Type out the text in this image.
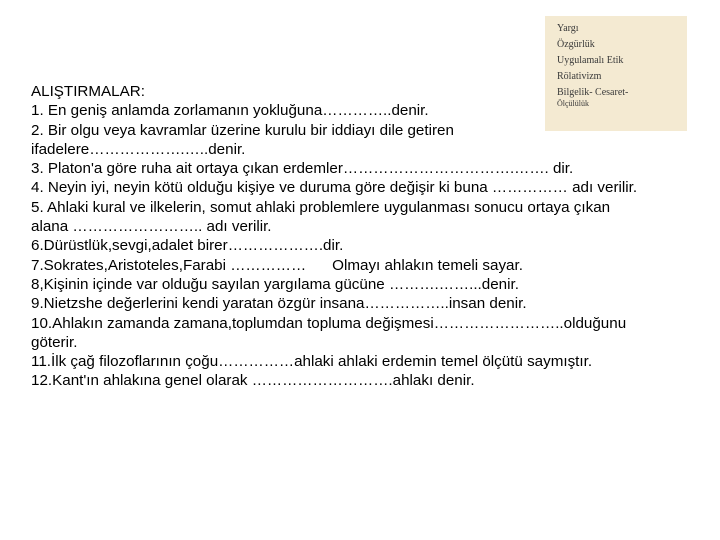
Yargı
Özgürlük
Uygulamalı Etik
Rölativizm
Bilgelik- Cesaret-
Ölçülülük
ALIŞTIRMALAR:
1. En geniş anlamda zorlamanın yokluğuna…………..denir.
2. Bir olgu veya kavramlar üzerine kurulu bir iddiayı dile getiren
ifadelere……………….…..denir.
3. Platon'a göre ruha ait ortaya çıkan erdemler…………………………….……. dir.
4. Neyin iyi, neyin kötü olduğu kişiye ve duruma göre değişir ki buna …………… adı verilir.
5. Ahlaki kural ve ilkelerin, somut ahlaki problemlere uygulanması sonucu ortaya çıkan
alana …………………….. adı verilir.
6.Dürüstlük,sevgi,adalet birer……………….dir.
7.Sokrates,Aristoteles,Farabi …………… Olmayı ahlakın temeli sayar.
8,Kişinin içinde var olduğu sayılan yargılama gücüne ……….……...denir.
9.Nietzshe değerlerini kendi yaratan özgür insana……………..insan denir.
10.Ahlakın zamanda zamana,toplumdan topluma değişmesi……………………..olduğunu
göterir.
11.İlk çağ filozoflarının çoğu……………ahlaki ahlaki erdemin temel ölçütü saymıştır.
12.Kant'ın ahlakına genel olarak ……………………….ahlakı denir.
